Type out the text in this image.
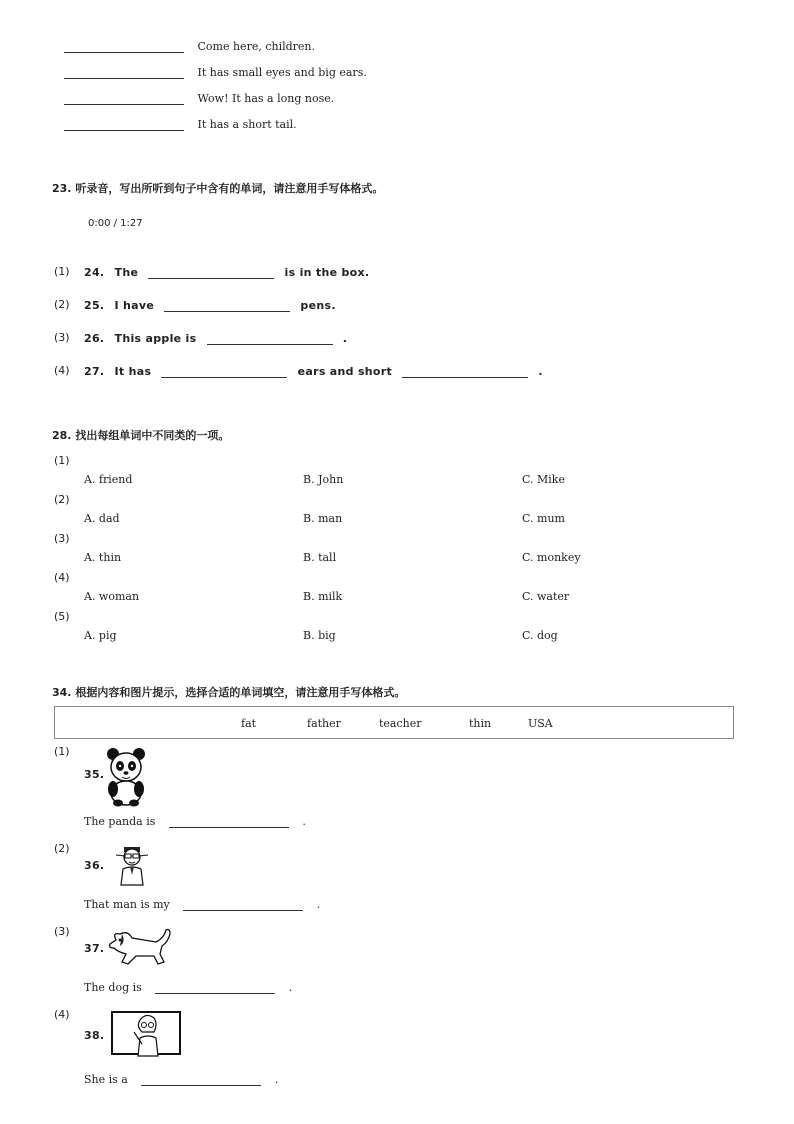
Come here, children.
It has small eyes and big ears.
Wow! It has a long nose.
It has a short tail.
23. 听录音，写出所听到句子中含有的单词，请注意用手写体格式。
0:00 / 1:27
(1) 24. The	is in the box.
(2) 25. I have	pens.
(3) 26. This apple is	.
(4) 27. It has	ears and short	.
28. 找出每组单词中不同类的一项。
(1)
A. friend	B. John	C. Mike
(2)
A. dad	B. man	C. mum
(3)
A. thin	B. tall	C. monkey
(4)
A. woman	B. milk	C. water
(5)
A. pig	B. big	C. dog
34. 根据内容和图片提示，选择合适的单词填空，请注意用手写体格式。
fat	father	teacher	thin	USA
(1)
35.
The panda is	.
(2)
36.
That man is my	.
(3)
37.
The dog is	.
(4)
38.
She is a	.
